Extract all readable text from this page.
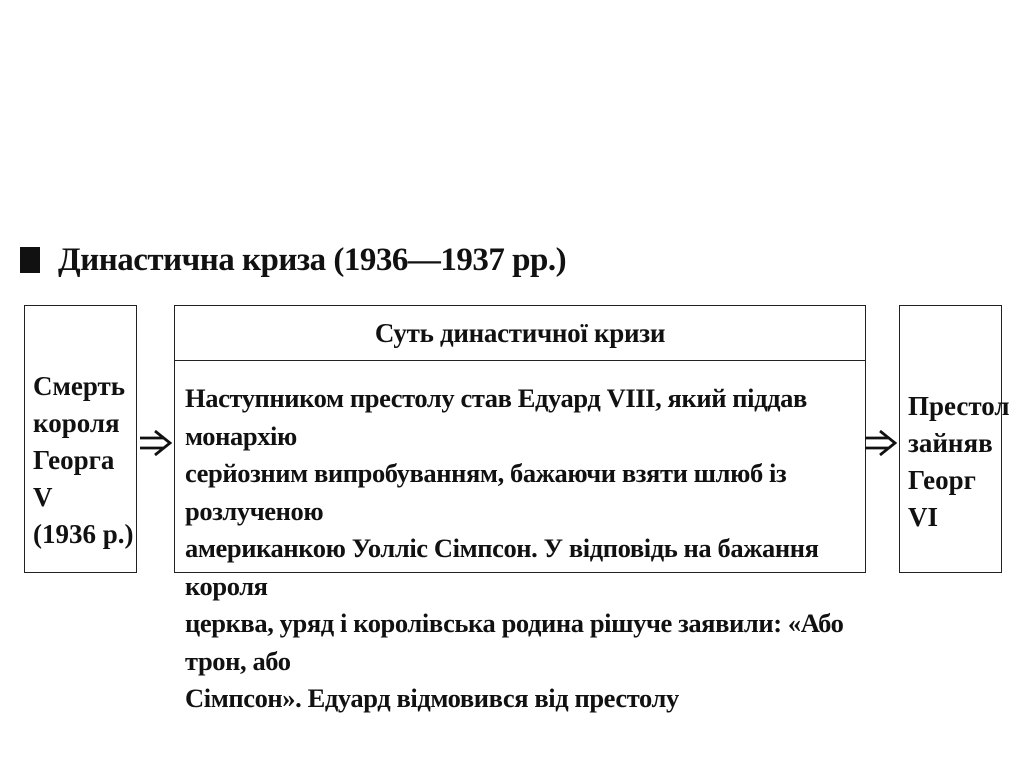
Династична криза (1936—1937 рр.)
Смерть
короля
Георга V
(1936 р.)
Суть династичної кризи
Наступником престолу став Едуард VIII, який піддав монархію
серйозним випробуванням, бажаючи взяти шлюб із розлученою
американкою Уолліс Сімпсон. У відповідь на бажання короля
церква, уряд і королівська родина рішуче заявили: «Або трон, або
Сімпсон». Едуард відмовився від престолу
Престол
зайняв
Георг VI
